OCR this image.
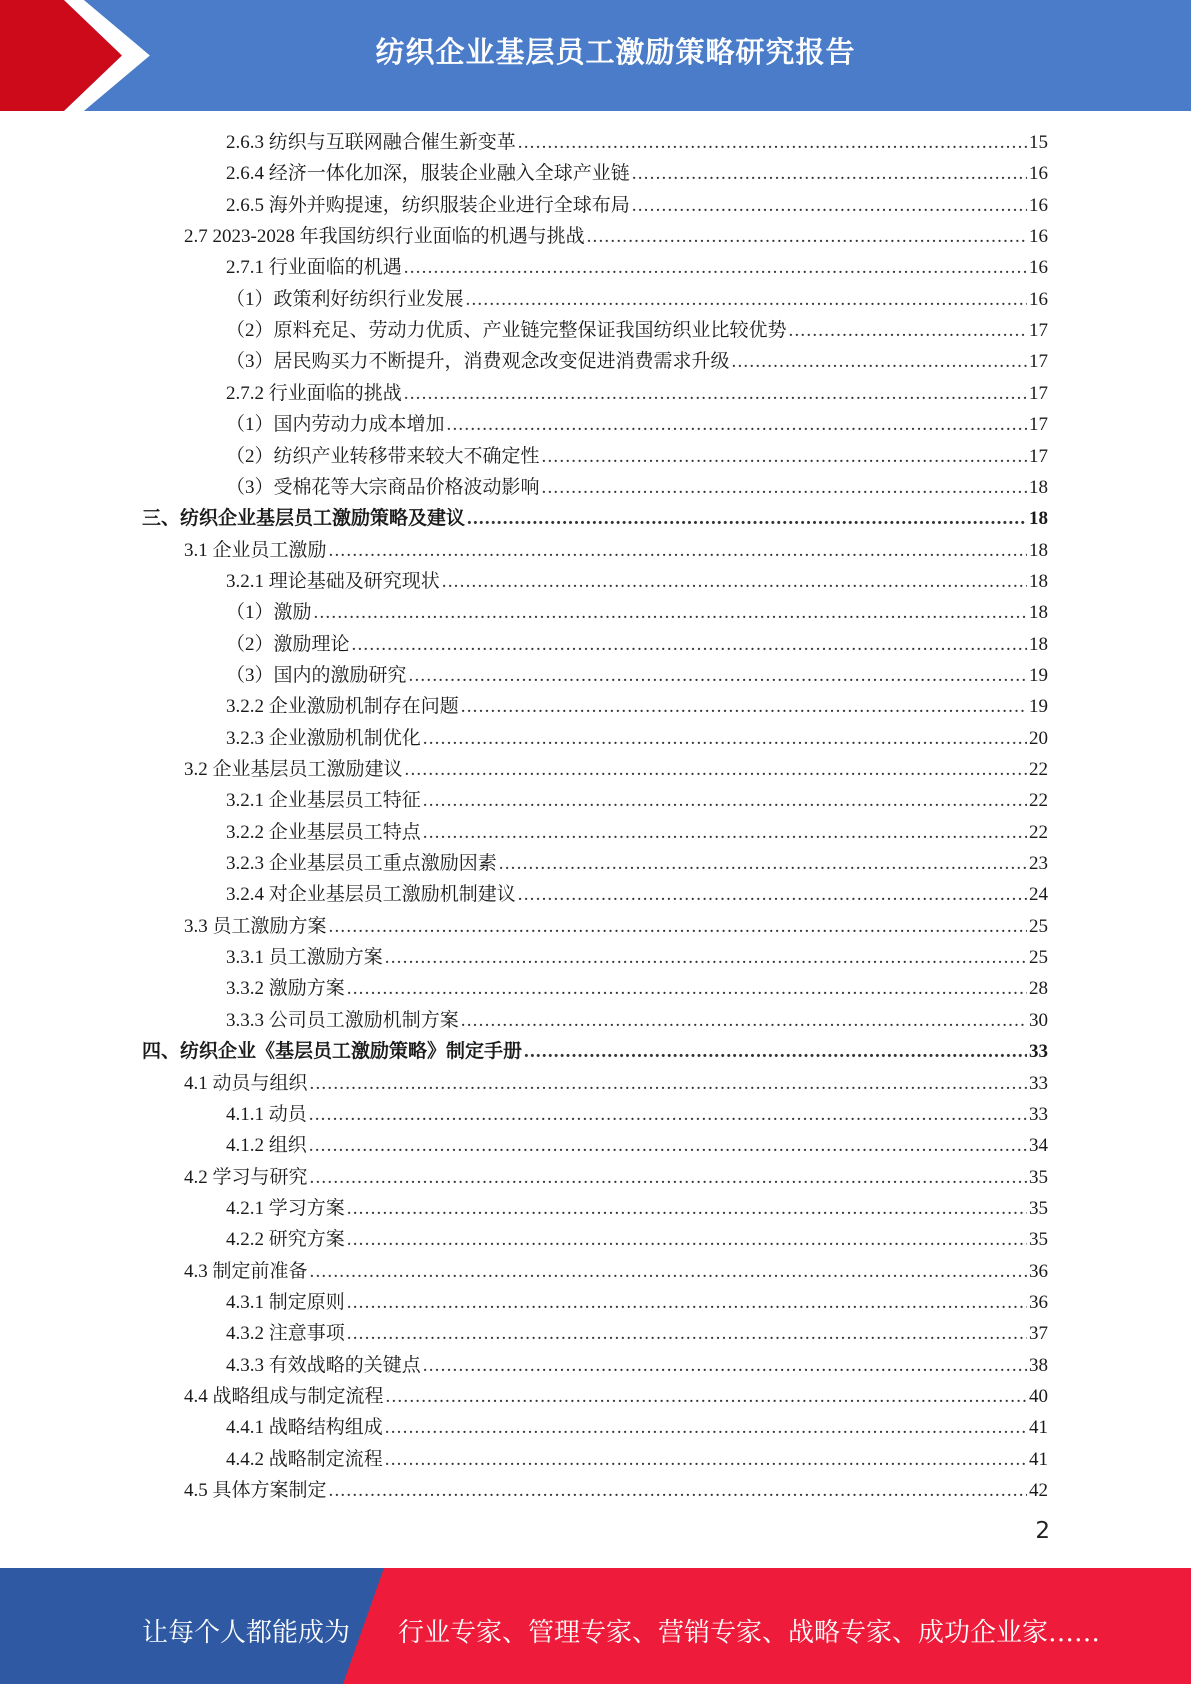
纺织企业基层员工激励策略研究报告
2.6.3 纺织与互联网融合催生新变革 .....	15
2.6.4 经济一体化加深，服装企业融入全球产业链 .....	16
2.6.5 海外并购提速，纺织服装企业进行全球布局 .....	16
2.7 2023-2028 年我国纺织行业面临的机遇与挑战 .....	16
2.7.1 行业面临的机遇 .....	16
（1）政策利好纺织行业发展 .....	16
（2）原料充足、劳动力优质、产业链完整保证我国纺织业比较优势 .....	17
（3）居民购买力不断提升，消费观念改变促进消费需求升级 .....	17
2.7.2 行业面临的挑战 .....	17
（1）国内劳动力成本增加 .....	17
（2）纺织产业转移带来较大不确定性 .....	17
（3）受棉花等大宗商品价格波动影响 .....	18
三、纺织企业基层员工激励策略及建议 .....	18
3.1 企业员工激励 .....	18
3.2.1 理论基础及研究现状 .....	18
（1）激励 .....	18
（2）激励理论 .....	18
（3）国内的激励研究 .....	19
3.2.2 企业激励机制存在问题 .....	19
3.2.3 企业激励机制优化 .....	20
3.2 企业基层员工激励建议 .....	22
3.2.1 企业基层员工特征 .....	22
3.2.2 企业基层员工特点 .....	22
3.2.3 企业基层员工重点激励因素 .....	23
3.2.4 对企业基层员工激励机制建议 .....	24
3.3 员工激励方案 .....	25
3.3.1 员工激励方案 .....	25
3.3.2 激励方案 .....	28
3.3.3 公司员工激励机制方案 .....	30
四、纺织企业《基层员工激励策略》制定手册 .....	33
4.1 动员与组织 .....	33
4.1.1 动员 .....	33
4.1.2 组织 .....	34
4.2 学习与研究 .....	35
4.2.1 学习方案 .....	35
4.2.2 研究方案 .....	35
4.3 制定前准备 .....	36
4.3.1 制定原则 .....	36
4.3.2 注意事项 .....	37
4.3.3 有效战略的关键点 .....	38
4.4 战略组成与制定流程 .....	40
4.4.1 战略结构组成 .....	41
4.4.2 战略制定流程 .....	41
4.5 具体方案制定 .....	42
2
让每个人都能成为 行业专家、管理专家、营销专家、战略专家、成功企业家……
